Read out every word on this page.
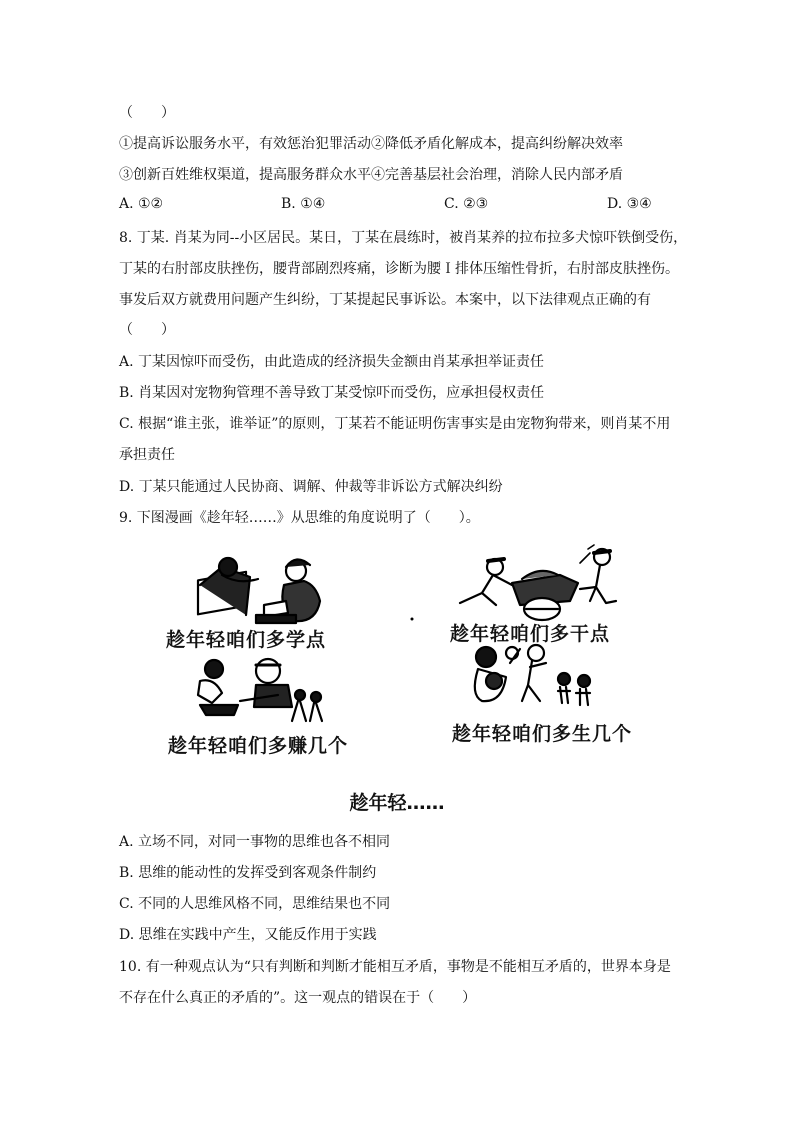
（　　）
①提高诉讼服务水平，有效惩治犯罪活动②降低矛盾化解成本，提高纠纷解决效率
③创新百姓维权渠道，提高服务群众水平④完善基层社会治理，消除人民内部矛盾
A. ①②	B. ①④	C. ②③	D. ③④
8. 丁某. 肖某为同--小区居民。某日，丁某在晨练时，被肖某养的拉布拉多犬惊吓铁倒受伤，
丁某的右肘部皮肤挫伤，腰背部剧烈疼痛，诊断为腰Ｉ排体压缩性骨折，右肘部皮肤挫伤。
事发后双方就费用问题产生纠纷，丁某提起民事诉讼。本案中，以下法律观点正确的有
（　　）
A. 丁某因惊吓而受伤，由此造成的经济损失金额由肖某承担举证责任
B. 肖某因对宠物狗管理不善导致丁某受惊吓而受伤，应承担侵权责任
C. 根据“谁主张，谁举证”的原则，丁某若不能证明伤害事实是由宠物狗带来，则肖某不用
承担责任
D. 丁某只能通过人民协商、调解、仲裁等非诉讼方式解决纠纷
9. 下图漫画《趁年轻……》从思维的角度说明了（　　）。
趁年轻咱们多学点	趁年轻咱们多干点
趁年轻咱们多赚几个
趁年轻咱们多生几个
趁年轻……
A. 立场不同，对同一事物的思维也各不相同
B. 思维的能动性的发挥受到客观条件制约
C. 不同的人思维风格不同，思维结果也不同
D. 思维在实践中产生，又能反作用于实践
10. 有一种观点认为“只有判断和判断才能相互矛盾，事物是不能相互矛盾的，世界本身是
不存在什么真正的矛盾的”。这一观点的错误在于（　　）
